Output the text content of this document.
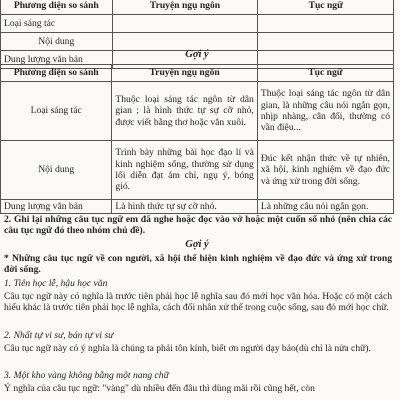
Phương diện so sánh	Truyện ngụ ngôn	Tục ngữ
Loại sáng tác		
Nội dung		
Dung lượng văn bản			Gợi ý
Phương diện so sánh	Truyện ngụ ngôn	Tục ngữ
Loại sáng tác	Thuộc loại sáng tác ngôn từ dân gian ; là hình thức tự sự cỡ nhỏ, được viết bằng thơ hoặc văn xuôi.	Thuộc loại sáng tác ngôn từ dân gian, là những câu nói ngắn gọn, nhịp nhàng, cân đối, thường có vần điệu...
Nội dung	Trình bày những bài học đạo lí và kinh nghiệm sống, thường sử dụng lối diễn đạt ám chỉ, ngụ ý, bóng gió.	Đúc kết nhận thức về tự nhiên, xã hội, kinh nghiệm về đạo đức và ứng xử trong đời sống.
Dung lượng văn bản	Là hình thức tự sự cỡ nhỏ.	Là những câu nói ngắn gọn.
2. Ghi lại những câu tục ngữ em đã nghe hoặc đọc vào vở hoặc một cuốn sổ nhỏ (nên chia các câu tục ngữ đó theo nhóm chủ đề).
Gợi ý
* Những câu tục ngữ về con người, xã hội thể hiện kinh nghiệm về đạo đức và ứng xử trong đời sống.
1. Tiên học lễ, hậu học văn
Câu tục ngữ này có nghĩa là trước tiên phải học lễ nghĩa sau đó mới học văn hóa. Hoặc có một cách hiểu khác là trước tiên phải học lễ nghĩa, cách đối nhân xử thế trong cuộc sống, sau đó mới học chữ.
2. Nhất tự vi sư, bán tự vi sư
Câu tục ngữ này có ý nghĩa là chúng ta phải tôn kính, biết ơn người dạy bảo(dù chỉ là nửa chữ).
3. Một kho vàng không bằng một nang chữ
Ý nghĩa của câu tục ngữ: "vàng" dù nhiều đến đâu thì dùng mãi rồi cũng hết, còn
